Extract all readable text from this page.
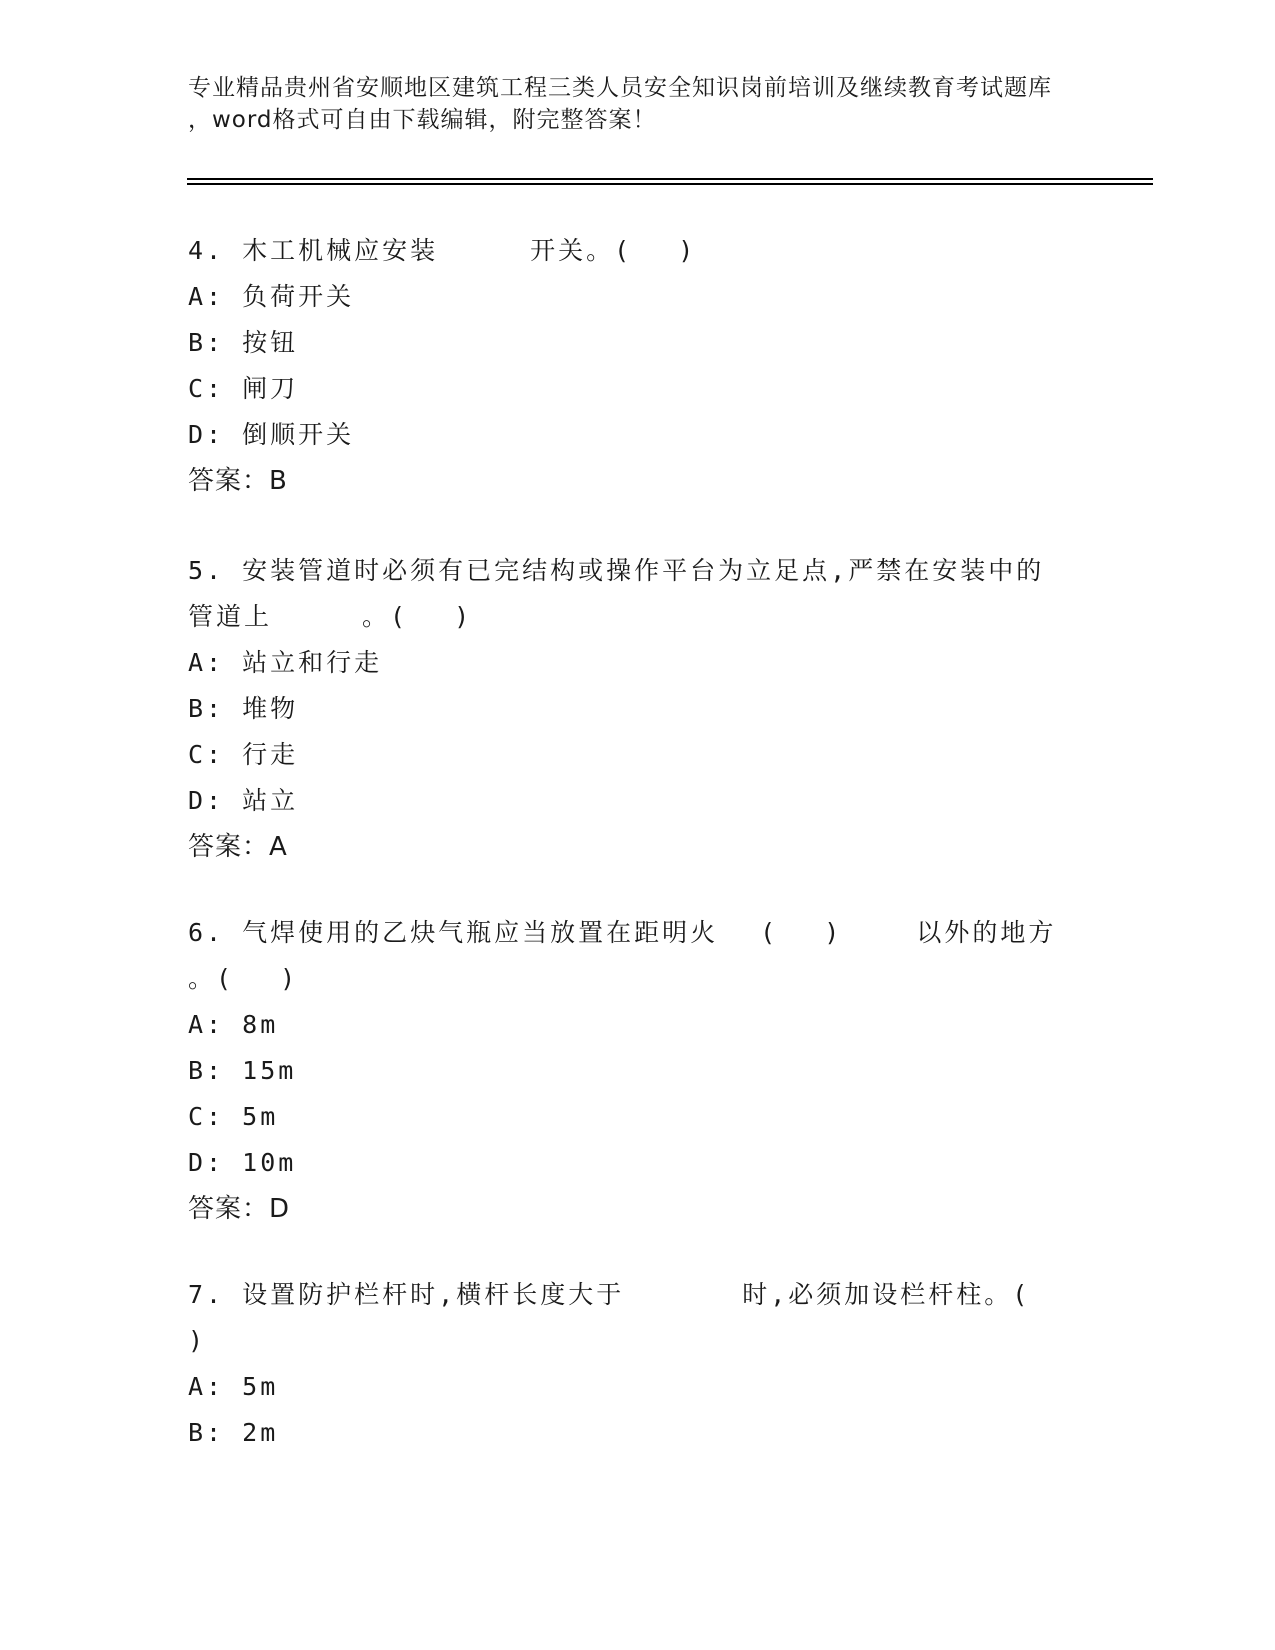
专业精品贵州省安顺地区建筑工程三类人员安全知识岗前培训及继续教育考试题库
，word格式可自由下载编辑，附完整答案！
4. 木工机械应安装	开关。(　 )
A: 负荷开关
B: 按钮
C: 闸刀
D: 倒顺开关
答案：B
5. 安装管道时必须有已完结构或操作平台为立足点,严禁在安装中的
管道上	。(　 )
A: 站立和行走
B: 堆物
C: 行走
D: 站立
答案：A
6. 气焊使用的乙炔气瓶应当放置在距明火 (　 )	以外的地方
。(　 )
A: 8m
B: 15m
C: 5m
D: 10m
答案：D
7. 设置防护栏杆时,横杆长度大于	时,必须加设栏杆柱。(
)
A: 5m
B: 2m
